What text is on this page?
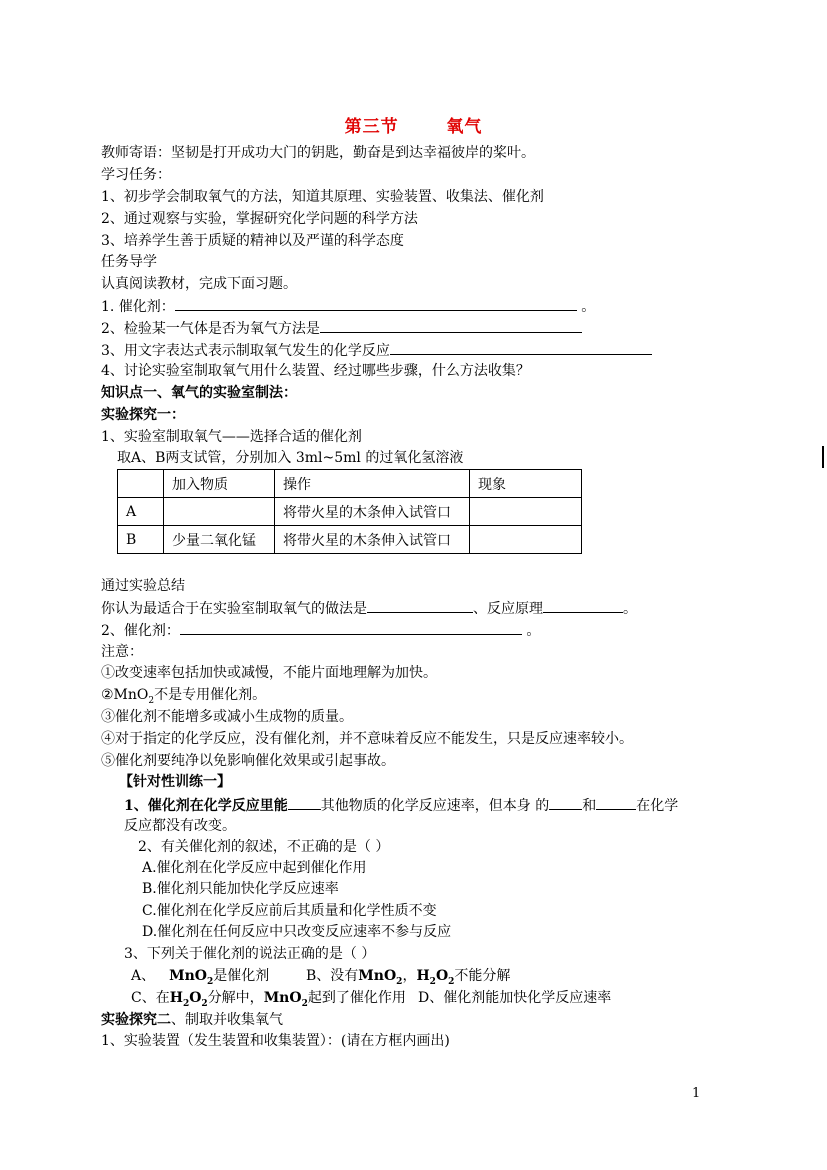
第三节	氧气
教师寄语：坚韧是打开成功大门的钥匙，勤奋是到达幸福彼岸的桨叶。
学习任务：
1、初步学会制取氧气的方法，知道其原理、实验装置、收集法、催化剂
2、通过观察与实验，掌握研究化学问题的科学方法
3、培养学生善于质疑的精神以及严谨的科学态度
任务导学
认真阅读教材，完成下面习题。
1. 催化剂：	。
2、检验某一气体是否为氧气方法是
3、用文字表达式表示制取氧气发生的化学反应
4、讨论实验室制取氧气用什么装置、经过哪些步骤，什么方法收集？
知识点一、氧气的实验室制法：
实验探究一：
1、实验室制取氧气——选择合适的催化剂
取A、B两支试管，分别加入 3ml~5ml 的过氧化氢溶液
	加入物质	操作	现象
A		将带火星的木条伸入试管口	
B	少量二氧化锰	将带火星的木条伸入试管口	
通过实验总结
你认为最适合于在实验室制取氧气的做法是	、反应原理	。
2、催化剂：	。
注意：
①改变速率包括加快或减慢，不能片面地理解为加快。
②MnO$_2$不是专用催化剂。
③催化剂不能增多或减小生成物的质量。
④对于指定的化学反应，没有催化剂，并不意味着反应不能发生，只是反应速率较小。
⑤催化剂要纯净以免影响催化效果或引起事故。
【针对性训练一】
1、催化剂在化学反应里能 其他物质的化学反应速率，但本身 的 和	在化学
反应都没有改变。
2、有关催化剂的叙述，不正确的是（ ）
A.催化剂在化学反应中起到催化作用
B.催化剂只能加快化学反应速率
C.催化剂在化学反应前后其质量和化学性质不变
D.催化剂在任何反应中只改变反应速率不参与反应
3、下列关于催化剂的说法正确的是（ ）
A、 MnO$_2$是催化剂	B、没有MnO$_2$，$H_2O_2$不能分解
C、在$H_2O_2$分解中，MnO$_2$起到了催化作用 D、催化剂能加快化学反应速率
实验探究二、制取并收集氧气
1、实验装置（发生装置和收集装置）：(请在方框内画出)
1
